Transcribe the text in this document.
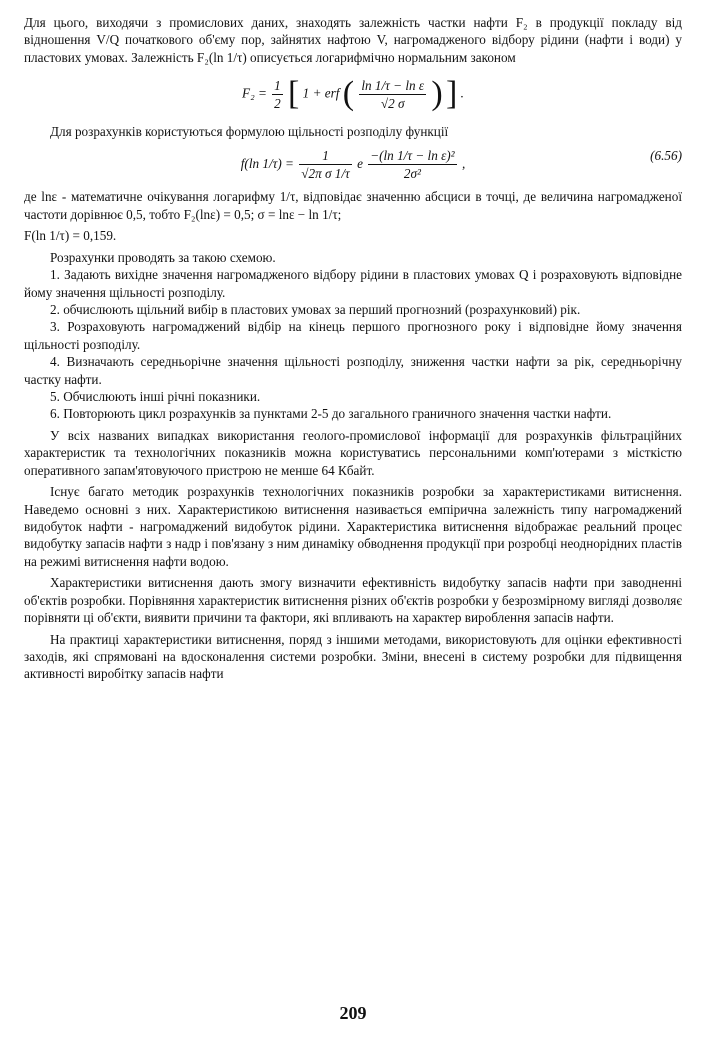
Для цього, виходячи з промислових даних, знаходять залежність частки нафти F₂ в продукції покладу від відношення V/Q початкового об'єму пор, зайнятих нафтою V, нагромадженого відбору рідини (нафти і води) у пластових умовах. Залежність F₂(ln 1/τ) описується логарифмічно нормальним законом

$F_2 = \frac{1}{2}$ [ 1 + erf ( $\frac{\text{ln 1/τ − ln ε}}{√2 \sigma}$ ) ] .

Для розрахунків користуються формулою щільності розподілу функції

(6.56)
f(ln $1/\tau) = \frac{1}{\text{√2π σ 1/τ}}$ e $\frac{\text{−(ln 1/τ − ln ε)²}}{\text{2σ²}}$ ,

де lnε - математичне очікування логарифму 1/τ, відповідає значенню абсциси в точці, де величина нагромадженої частоти дорівнює 0,5, тобто F₂(lnε) = 0,5; σ = lnε − ln 1/τ;

F(ln 1/τ) = 0,159.

Розрахунки проводять за такою схемою.

1. Задають вихідне значення нагромадженого відбору рідини в пластових умовах Q і розраховують відповідне йому значення щільності розподілу.

2. обчислюють щільний вибір в пластових умовах за перший прогнозний (розрахунковий) рік.

3. Розраховують нагромаджений відбір на кінець першого прогнозного року і відповідне йому значення щільності розподілу.

4. Визначають середньорічне значення щільності розподілу, зниження частки нафти за рік, середньорічну частку нафти.

5. Обчислюють інші річні показники.

6. Повторюють цикл розрахунків за пунктами 2-5 до загального граничного значення частки нафти.

У всіх названих випадках використання геолого-промислової інформації для розрахунків фільтраційних характеристик та технологічних показників можна користуватись персональними комп'ютерами з місткістю оперативного запам'ятовуючого пристрою не менше 64 Кбайт.

Існує багато методик розрахунків технологічних показників розробки за характеристиками витиснення. Наведемо основні з них. Характеристикою витиснення називається емпірична залежність типу нагромаджений видобуток нафти - нагромаджений видобуток рідини. Характеристика витиснення відображає реальний процес видобутку запасів нафти з надр і пов'язану з ним динаміку обводнення продукції при розробці неоднорідних пластів на режимі витиснення нафти водою.

Характеристики витиснення дають змогу визначити ефективність видобутку запасів нафти при заводненні об'єктів розробки. Порівняння характеристик витиснення різних об'єктів розробки у безрозмірному вигляді дозволяє порівняти ці об'єкти, виявити причини та фактори, які впливають на характер вироблення запасів нафти.

На практиці характеристики витиснення, поряд з іншими методами, використовують для оцінки ефективності заходів, які спрямовані на вдосконалення системи розробки. Зміни, внесені в систему розробки для підвищення активності виробітку запасів нафти

209
